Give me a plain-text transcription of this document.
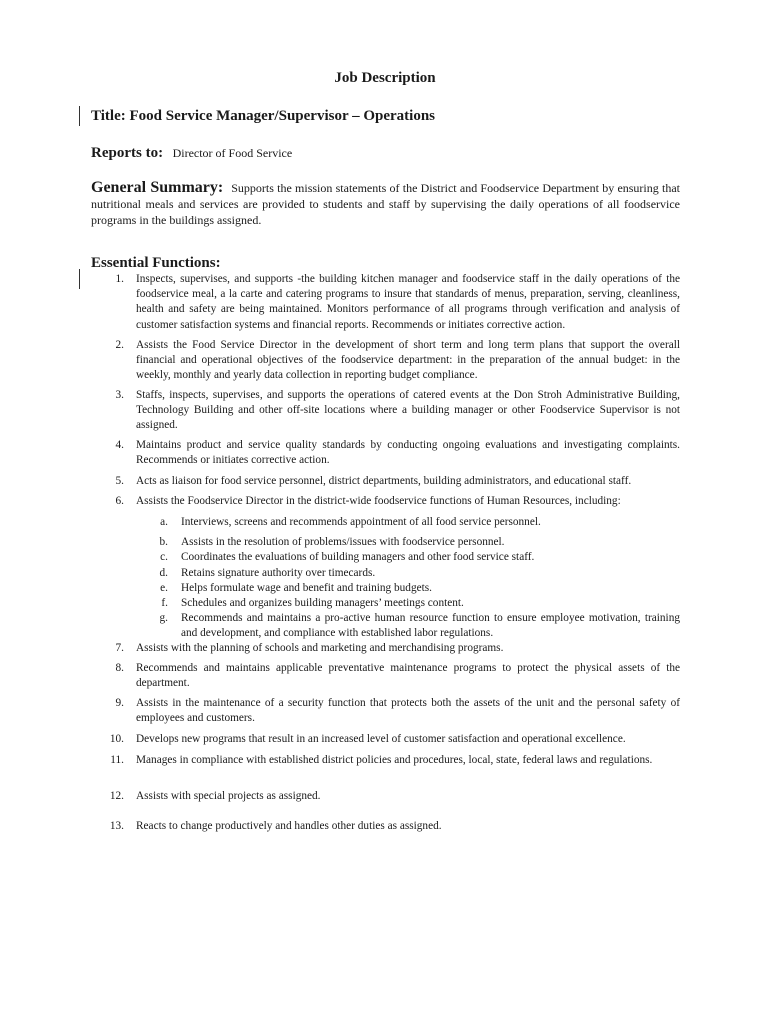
Job Description
Title: Food Service Manager/Supervisor – Operations
Reports to: Director of Food Service
General Summary: Supports the mission statements of the District and Foodservice Department by ensuring that nutritional meals and services are provided to students and staff by supervising the daily operations of all foodservice programs in the buildings assigned.
Essential Functions:
1. Inspects, supervises, and supports -the building kitchen manager and foodservice staff in the daily operations of the foodservice meal, a la carte and catering programs to insure that standards of menus, preparation, serving, cleanliness, health and safety are being maintained. Monitors performance of all programs through verification and analysis of customer satisfaction systems and financial reports. Recommends or initiates corrective action.
2. Assists the Food Service Director in the development of short term and long term plans that support the overall financial and operational objectives of the foodservice department: in the preparation of the annual budget: in the weekly, monthly and yearly data collection in reporting budget compliance.
3. Staffs, inspects, supervises, and supports the operations of catered events at the Don Stroh Administrative Building, Technology Building and other off-site locations where a building manager or other Foodservice Supervisor is not assigned.
4. Maintains product and service quality standards by conducting ongoing evaluations and investigating complaints. Recommends or initiates corrective action.
5. Acts as liaison for food service personnel, district departments, building administrators, and educational staff.
6. Assists the Foodservice Director in the district-wide foodservice functions of Human Resources, including:
a. Interviews, screens and recommends appointment of all food service personnel.
b. Assists in the resolution of problems/issues with foodservice personnel.
c. Coordinates the evaluations of building managers and other food service staff.
d. Retains signature authority over timecards.
e. Helps formulate wage and benefit and training budgets.
f. Schedules and organizes building managers’ meetings content.
g. Recommends and maintains a pro-active human resource function to ensure employee motivation, training and development, and compliance with established labor regulations.
7. Assists with the planning of schools and marketing and merchandising programs.
8. Recommends and maintains applicable preventative maintenance programs to protect the physical assets of the department.
9. Assists in the maintenance of a security function that protects both the assets of the unit and the personal safety of employees and customers.
10. Develops new programs that result in an increased level of customer satisfaction and operational excellence.
11. Manages in compliance with established district policies and procedures, local, state, federal laws and regulations.
12. Assists with special projects as assigned.
13. Reacts to change productively and handles other duties as assigned.
